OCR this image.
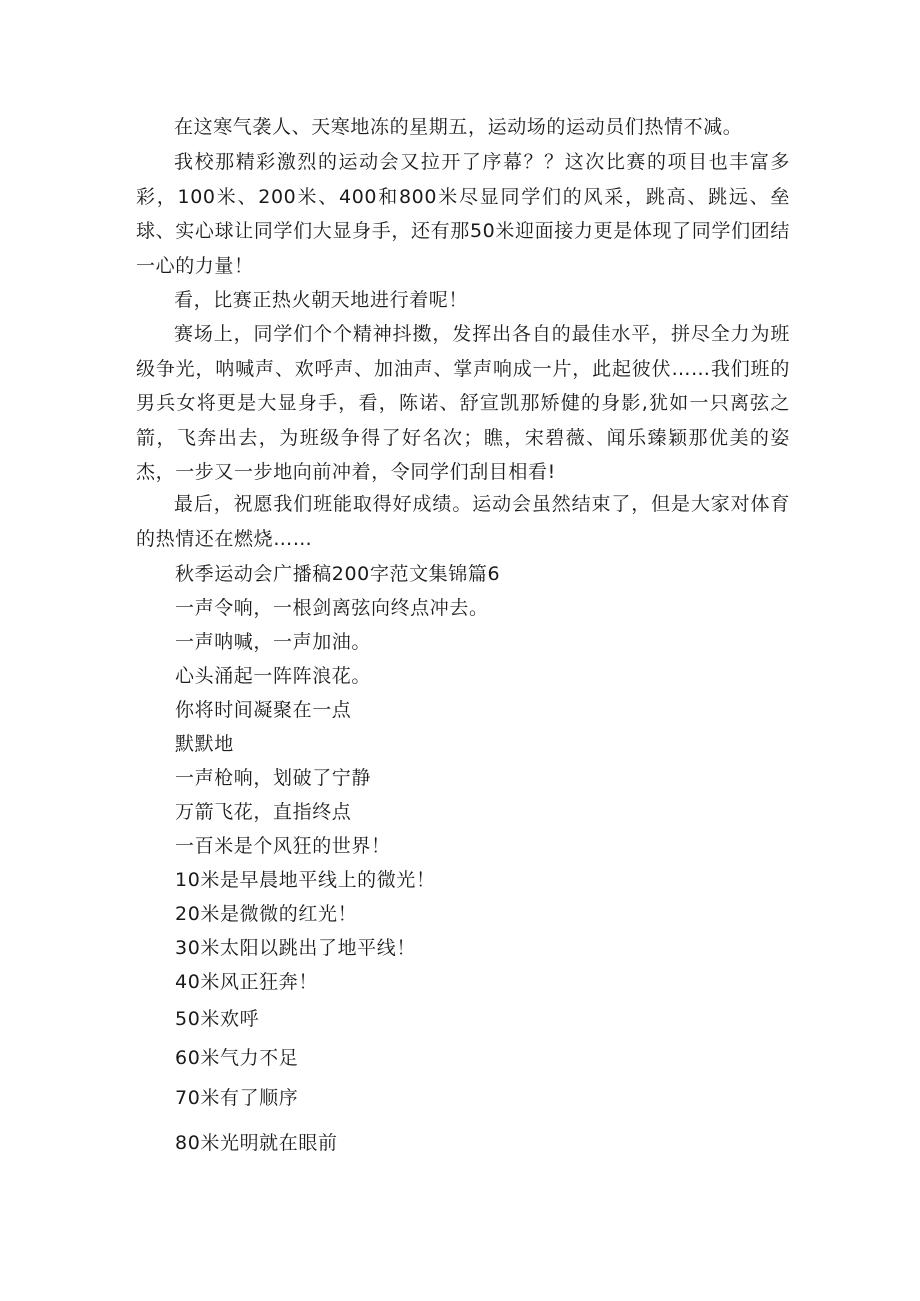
在这寒气袭人、天寒地冻的星期五，运动场的运动员们热情不减。

我校那精彩激烈的运动会又拉开了序幕？？这次比赛的项目也丰富多彩，100米、200米、400和800米尽显同学们的风采，跳高、跳远、垒球、实心球让同学们大显身手，还有那50米迎面接力更是体现了同学们团结一心的力量！

看，比赛正热火朝天地进行着呢！

赛场上，同学们个个精神抖擞，发挥出各自的最佳水平，拼尽全力为班级争光，呐喊声、欢呼声、加油声、掌声响成一片，此起彼伏……我们班的男兵女将更是大显身手，看，陈诺、舒宣凯那矫健的身影,犹如一只离弦之箭，飞奔出去，为班级争得了好名次；瞧，宋碧薇、闻乐臻颖那优美的姿杰，一步又一步地向前冲着，令同学们刮目相看!

最后，祝愿我们班能取得好成绩。运动会虽然结束了，但是大家对体育的热情还在燃烧……

秋季运动会广播稿200字范文集锦篇6

一声令响，一根剑离弦向终点冲去。

一声呐喊，一声加油。

心头涌起一阵阵浪花。

你将时间凝聚在一点

默默地

一声枪响，划破了宁静

万箭飞花，直指终点

一百米是个风狂的世界！

10米是早晨地平线上的微光！

20米是微微的红光！

30米太阳以跳出了地平线！

40米风正狂奔！

50米欢呼

60米气力不足

70米有了顺序

80米光明就在眼前
